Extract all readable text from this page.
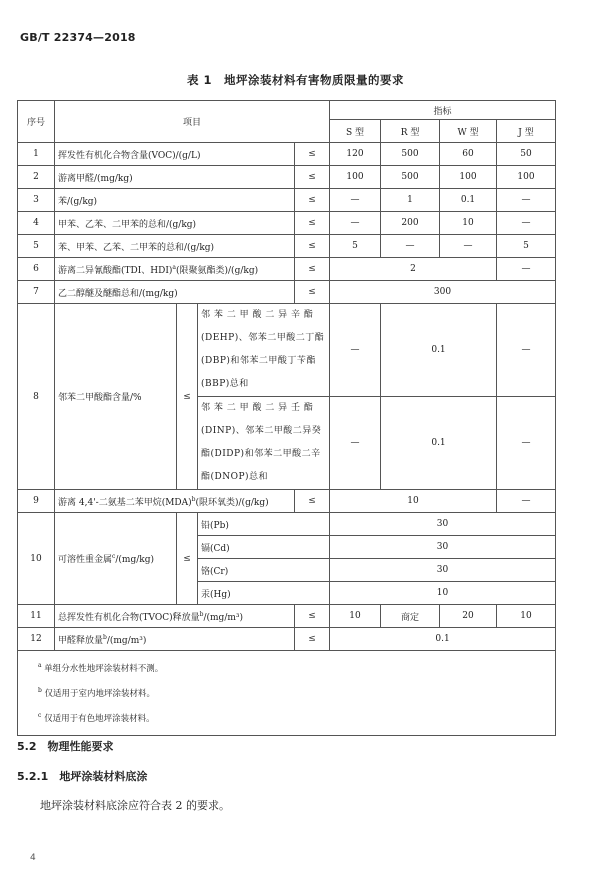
GB/T 22374—2018
表 1　地坪涂装材料有害物质限量的要求
序号	项目				指标			
					S 型	R 型	W 型	J 型
1	挥发性有机化合物含量(VOC)/(g/L)			≤	120	500	60	50
2	游离甲醛/(mg/kg)			≤	100	500	100	100
3	苯/(g/kg)			≤	—	1	0.1	—
4	甲苯、乙苯、二甲苯的总和/(g/kg)			≤	—	200	10	—
5	苯、甲苯、乙苯、二甲苯的总和/(g/kg)			≤	5	—	—	5
6	游离二异氰酸酯(TDI、HDI)$^a$(限聚氨酯类)/(g/kg)			≤	2			—
7	乙二醇醚及醚酯总和/(mg/kg)			≤	300			
8	邻苯二甲酸酯含量/%	≤	邻 苯 二 甲 酸 二 异 辛 酯(DEHP)、邻苯二甲酸二丁酯(DBP)和邻苯二甲酸丁苄酯(BBP)总和		—	0.1		—
			邻 苯 二 甲 酸 二 异 壬 酯(DINP)、邻苯二甲酸二异癸酯(DIDP)和邻苯二甲酸二辛酯(DNOP)总和		—	0.1		—
9	游离 4,4'-二氨基二苯甲烷(MDA)$^b$(限环氧类)/(g/kg)			≤	10			—
10	可溶性重金属$^c$/(mg/kg)	≤	铅(Pb)		30			
			镉(Cd)		30			
			铬(Cr)		30			
			汞(Hg)		10			
11	总挥发性有机化合物(TVOC)释放量$^b$/(mg/m³)			≤	10	商定	20	10
12	甲醛释放量$^b$/(mg/m³)			≤	0.1			

$^a$ 单组分水性地坪涂装材料不测。
$^b$ 仅适用于室内地坪涂装材料。
$^c$ 仅适用于有色地坪涂装材料。								
5.2　物理性能要求
5.2.1　地坪涂装材料底涂
地坪涂装材料底涂应符合表 2 的要求。
4
